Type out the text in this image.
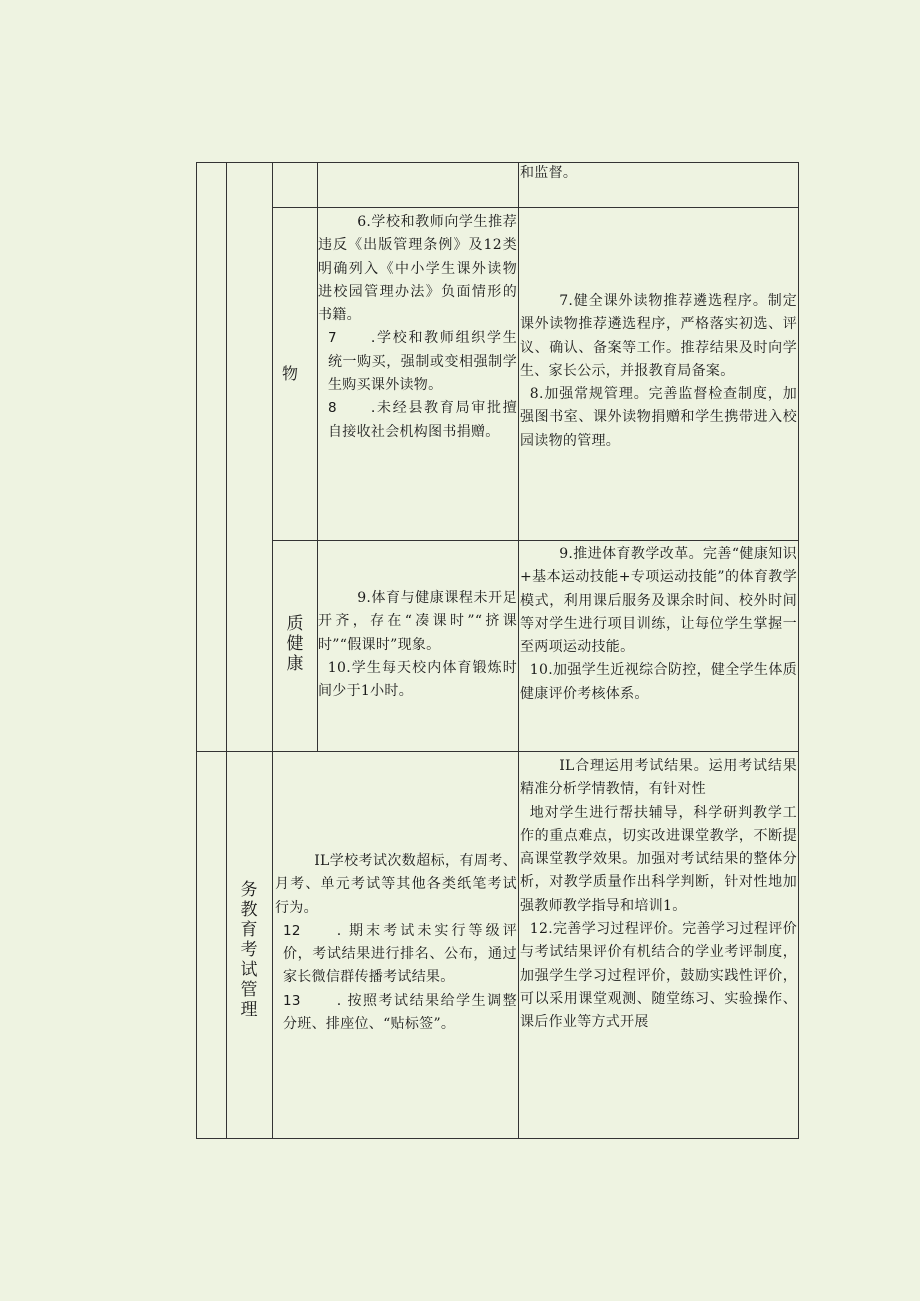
和监督。

物

6.学校和教师向学生推荐违反《出版管理条例》及12类明确列入《中小学生课外读物进校园管理办法》负面情形的书籍。

7 .学校和教师组织学生统一购买，强制或变相强制学生购买课外读物。

8 .未经县教育局审批擅自接收社会机构图书捐赠。

7.健全课外读物推荐遴选程序。制定课外读物推荐遴选程序，严格落实初选、评议、确认、备案等工作。推荐结果及时向学生、家长公示，并报教育局备案。

8.加强常规管理。完善监督检查制度，加强图书室、课外读物捐赠和学生携带进入校园读物的管理。

质
健
康

9.体育与健康课程未开足开齐，存在“凑课时”“挤课时”“假课时”现象。

10.学生每天校内体育锻炼时间少于1小时。

9.推进体育教学改革。完善“健康知识+基本运动技能+专项运动技能”的体育教学模式，利用课后服务及课余时间、校外时间等对学生进行项目训练，让每位学生掌握一至两项运动技能。

10.加强学生近视综合防控，健全学生体质健康评价考核体系。

务
教
育
考
试
管
理

IL学校考试次数超标，有周考、月考、单元考试等其他各类纸笔考试行为。

12	. 期末考试未实行等级评价，考试结果进行排名、公布，通过家长微信群传播考试结果。

13	. 按照考试结果给学生调整分班、排座位、“贴标签”。

IL合理运用考试结果。运用考试结果精准分析学情教情，有针对性

地对学生进行帮扶辅导，科学研判教学工作的重点难点，切实改进课堂教学，不断提高课堂教学效果。加强对考试结果的整体分析，对教学质量作出科学判断，针对性地加强教师教学指导和培训1。

12.完善学习过程评价。完善学习过程评价与考试结果评价有机结合的学业考评制度，加强学生学习过程评价，鼓励实践性评价，可以采用课堂观测、随堂练习、实验操作、课后作业等方式开展
